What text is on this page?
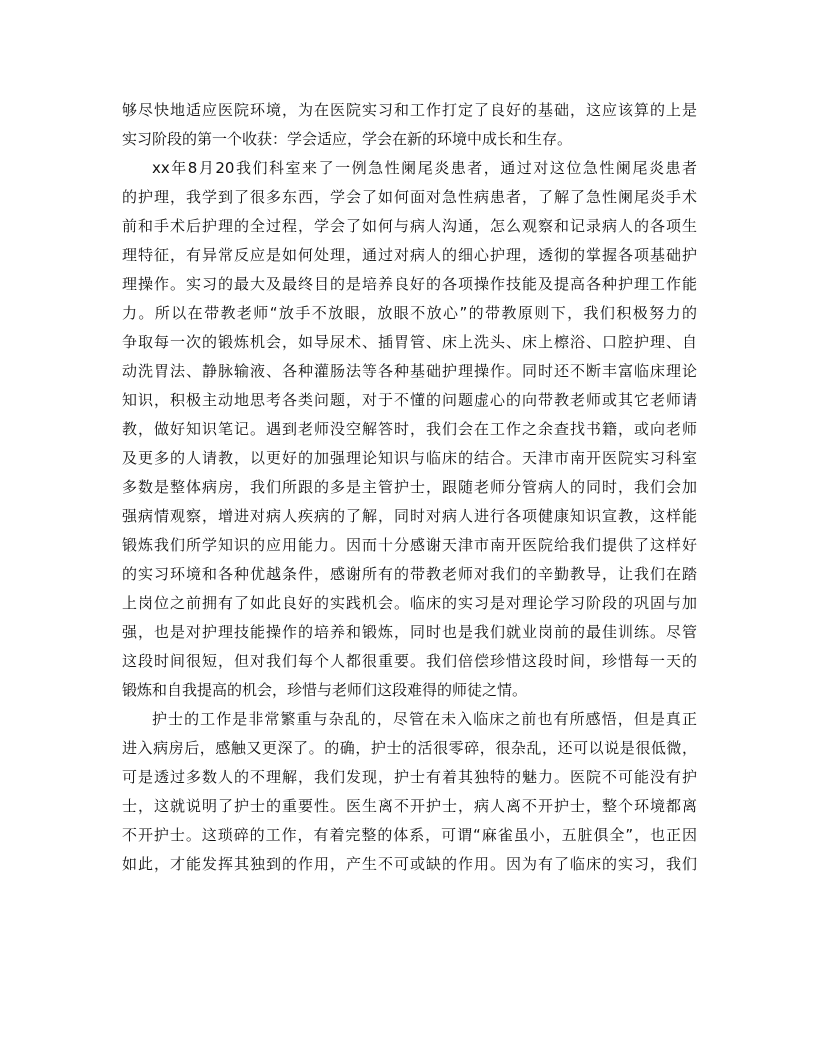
够尽快地适应医院环境，为在医院实习和工作打定了良好的基础，这应该算的上是
实习阶段的第一个收获：学会适应，学会在新的环境中成长和生存。
xx年8月20我们科室来了一例急性阑尾炎患者，通过对这位急性阑尾炎患者
的护理，我学到了很多东西，学会了如何面对急性病患者，了解了急性阑尾炎手术
前和手术后护理的全过程，学会了如何与病人沟通，怎么观察和记录病人的各项生
理特征，有异常反应是如何处理，通过对病人的细心护理，透彻的掌握各项基础护
理操作。实习的最大及最终目的是培养良好的各项操作技能及提高各种护理工作能
力。所以在带教老师“放手不放眼，放眼不放心”的带教原则下，我们积极努力的
争取每一次的锻炼机会，如导尿术、插胃管、床上洗头、床上檫浴、口腔护理、自
动洗胃法、静脉输液、各种灌肠法等各种基础护理操作。同时还不断丰富临床理论
知识，积极主动地思考各类问题，对于不懂的问题虚心的向带教老师或其它老师请
教，做好知识笔记。遇到老师没空解答时，我们会在工作之余查找书籍，或向老师
及更多的人请教，以更好的加强理论知识与临床的结合。天津市南开医院实习科室
多数是整体病房，我们所跟的多是主管护士，跟随老师分管病人的同时，我们会加
强病情观察，增进对病人疾病的了解，同时对病人进行各项健康知识宣教，这样能
锻炼我们所学知识的应用能力。因而十分感谢天津市南开医院给我们提供了这样好
的实习环境和各种优越条件，感谢所有的带教老师对我们的辛勤教导，让我们在踏
上岗位之前拥有了如此良好的实践机会。临床的实习是对理论学习阶段的巩固与加
强，也是对护理技能操作的培养和锻炼，同时也是我们就业岗前的最佳训练。尽管
这段时间很短，但对我们每个人都很重要。我们倍偿珍惜这段时间，珍惜每一天的
锻炼和自我提高的机会，珍惜与老师们这段难得的师徒之情。
护士的工作是非常繁重与杂乱的，尽管在未入临床之前也有所感悟，但是真正
进入病房后，感触又更深了。的确，护士的活很零碎，很杂乱，还可以说是很低微，
可是透过多数人的不理解，我们发现，护士有着其独特的魅力。医院不可能没有护
士，这就说明了护士的重要性。医生离不开护士，病人离不开护士，整个环境都离
不开护士。这琐碎的工作，有着完整的体系，可谓“麻雀虽小，五脏俱全”，也正因
如此，才能发挥其独到的作用，产生不可或缺的作用。因为有了临床的实习，我们
